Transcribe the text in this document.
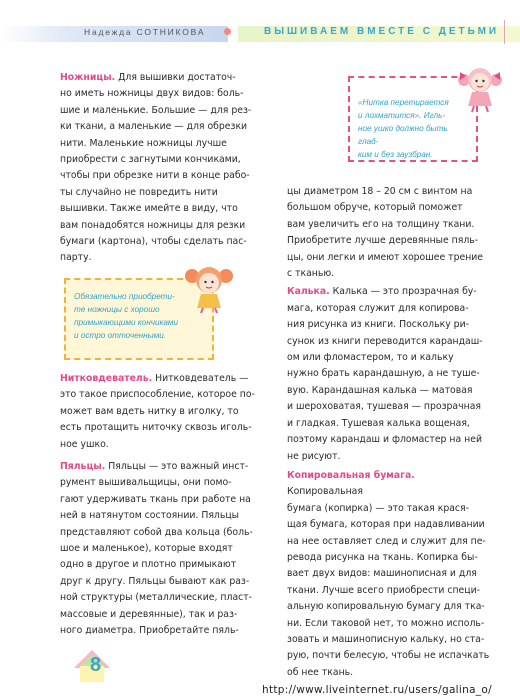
Надежда СОТНИКОВА	ВЫШИВАЕМ ВМЕСТЕ С ДЕТЬМИ

Ножницы. Для вышивки достаточ-
но иметь ножницы двух видов: боль-
шие и маленькие. Большие — для рез-
ки ткани, а маленькие — для обрезки
нити. Маленькие ножницы лучше
приобрести с загнутыми кончиками,
чтобы при обрезке нити в конце рабо-
ты случайно не повредить нити
вышивки. Также имейте в виду, что
вам понадобятся ножницы для резки
бумаги (картона), чтобы сделать пас-
парту.

Нитковдеватель. Нитковдеватель —
это такое приспособление, которое по-
может вам вдеть нитку в иголку, то
есть протащить ниточку сквозь иголь-
ное ушко.

Пяльцы. Пяльцы — это важный инст-
румент вышивальщицы, они помо-
гают удерживать ткань при работе на
ней в натянутом состоянии. Пяльцы
представляют собой два кольца (боль-
шое и маленькое), которые входят
одно в другое и плотно примыкают
друг к другу. Пяльцы бывают как раз-
ной структуры (металлические, пласт-
массовые и деревянные), так и раз-
ного диаметра. Приобретайте пяль-

цы диаметром 18 – 20 см с винтом на
большом обруче, который поможет
вам увеличить его на толщину ткани.
Приобретите лучше деревянные пяль-
цы, они легки и имеют хорошее трение
с тканью.

Калька. Калька — это прозрачная бу-
мага, которая служит для копирова-
ния рисунка из книги. Поскольку ри-
сунок из книги переводится карандаш-
ом или фломастером, то и кальку
нужно брать карандашную, а не туше-
вую. Карандашная калька — матовая
и шероховатая, тушевая — прозрачная
и гладкая. Тушевая калька вощеная,
поэтому карандаш и фломастер на ней
не рисуют.

Копировальная бумага. Копировальная
бумага (копирка) — это такая крася-
щая бумага, которая при надавливании
на нее оставляет след и служит для пе-
ревода рисунка на ткань. Копирка бы-
вает двух видов: машинописная и для
ткани. Лучше всего приобрести специ-
альную копировальную бумагу для тка-
ни. Если таковой нет, то можно исполь-
зовать и машинописную кальку, но ста-
рую, почти белесую, чтобы не испачкать
об нее ткань.

«Нитка перетирается
и лохматится». Игль-
ное ушко должно быть глад-
ким и без заузбран.
Обязательно приобрети-
те ножницы с хорошо
примыкающими кончиками
и остро отточенными.
8
http://www.liveinternet.ru/users/galina_o/
